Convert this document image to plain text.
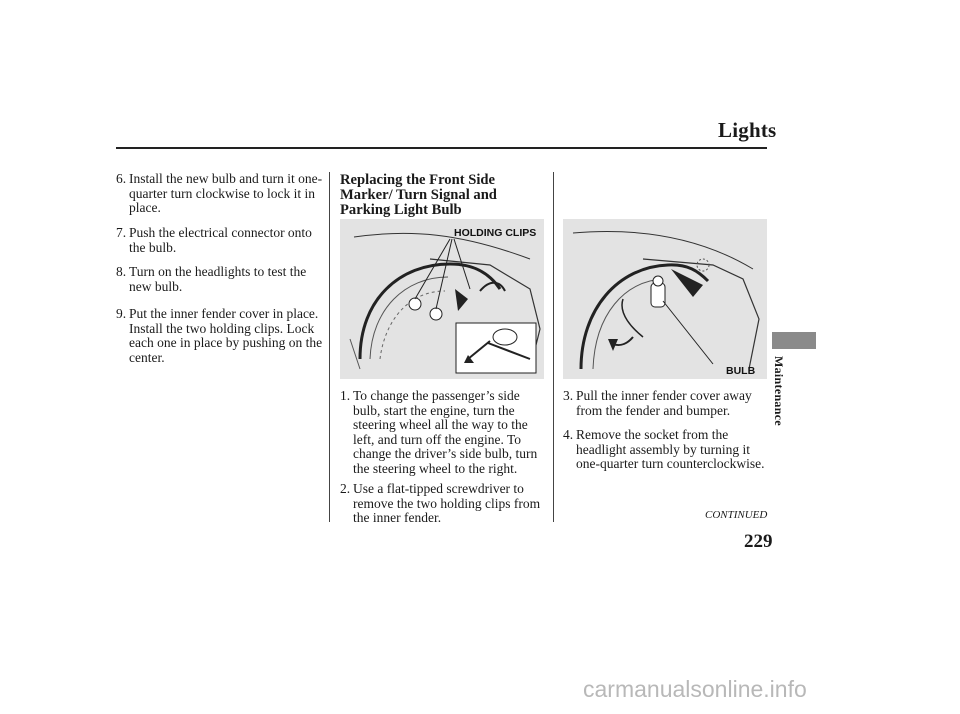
Lights
6. Install the new bulb and turn it one-quarter turn clockwise to lock it in place.
7. Push the electrical connector onto the bulb.
8. Turn on the headlights to test the new bulb.
9. Put the inner fender cover in place. Install the two holding clips. Lock each one in place by pushing on the center.
Replacing the Front Side Marker/ Turn Signal and Parking Light Bulb
HOLDING CLIPS
1. To change the passenger’s side bulb, start the engine, turn the steering wheel all the way to the left, and turn off the engine. To change the driver’s side bulb, turn the steering wheel to the right.
2. Use a flat-tipped screwdriver to remove the two holding clips from the inner fender.
BULB
3. Pull the inner fender cover away from the fender and bumper.
4. Remove the socket from the headlight assembly by turning it one-quarter turn counterclockwise.
Maintenance
CONTINUED
229
carmanualsonline.info
